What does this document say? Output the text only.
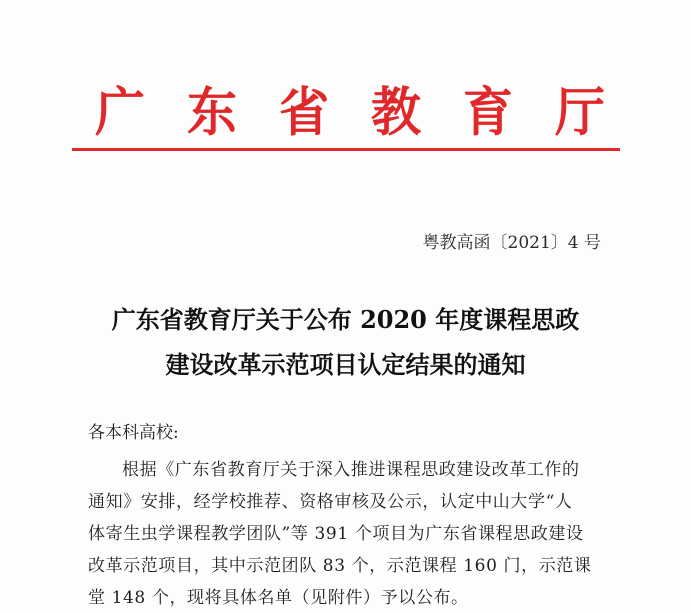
广 东 省 教 育 厅
粤教高函〔2021〕4 号
广东省教育厅关于公布 2020 年度课程思政
建设改革示范项目认定结果的通知
各本科高校:
根据《广东省教育厅关于深入推进课程思政建设改革工作的
通知》安排，经学校推荐、资格审核及公示，认定中山大学“人
体寄生虫学课程教学团队”等 391 个项目为广东省课程思政建设
改革示范项目，其中示范团队 83 个，示范课程 160 门，示范课
堂 148 个，现将具体名单（见附件）予以公布。
